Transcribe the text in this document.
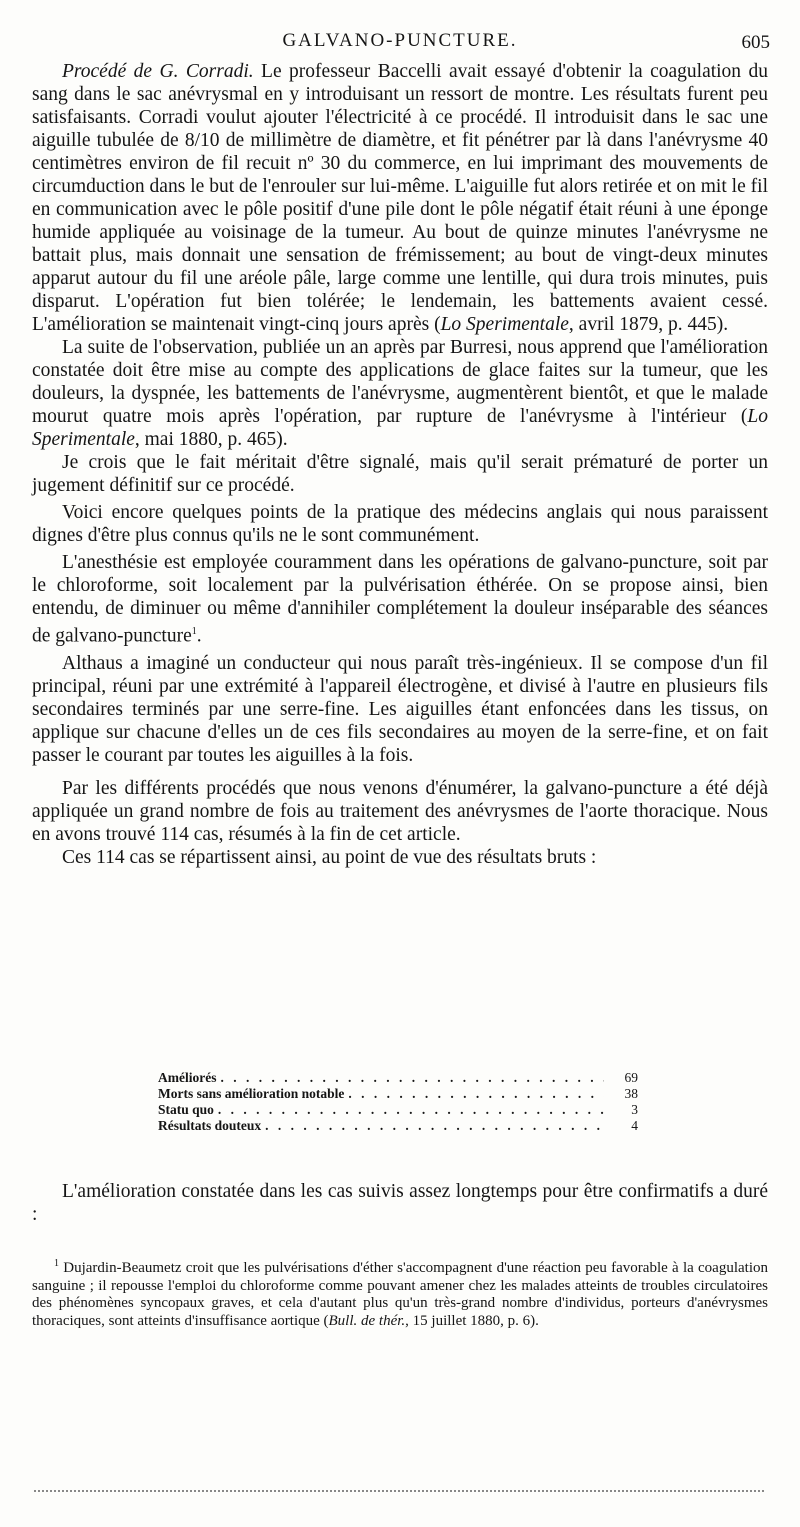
GALVANO-PUNCTURE.	605

Procédé de G. Corradi. Le professeur Baccelli avait essayé d'obtenir la coagulation du sang dans le sac anévrysmal en y introduisant un ressort de montre. Les résultats furent peu satisfaisants. Corradi voulut ajouter l'électricité à ce procédé. Il introduisit dans le sac une aiguille tubulée de 8/10 de millimètre de diamètre, et fit pénétrer par là dans l'anévrysme 40 centimètres environ de fil recuit nº 30 du commerce, en lui imprimant des mouvements de circumduction dans le but de l'enrouler sur lui-même. L'aiguille fut alors retirée et on mit le fil en communication avec le pôle positif d'une pile dont le pôle négatif était réuni à une éponge humide appliquée au voisinage de la tumeur. Au bout de quinze minutes l'anévrysme ne battait plus, mais donnait une sensation de frémissement; au bout de vingt-deux minutes apparut autour du fil une aréole pâle, large comme une lentille, qui dura trois minutes, puis disparut. L'opération fut bien tolérée; le lendemain, les battements avaient cessé. L'amélioration se maintenait vingt-cinq jours après (Lo Sperimentale, avril 1879, p. 445).

La suite de l'observation, publiée un an après par Burresi, nous apprend que l'amélioration constatée doit être mise au compte des applications de glace faites sur la tumeur, que les douleurs, la dyspnée, les battements de l'anévrysme, augmentèrent bientôt, et que le malade mourut quatre mois après l'opération, par rupture de l'anévrysme à l'intérieur (Lo Sperimentale, mai 1880, p. 465).

Je crois que le fait méritait d'être signalé, mais qu'il serait prématuré de porter un jugement définitif sur ce procédé.

Voici encore quelques points de la pratique des médecins anglais qui nous paraissent dignes d'être plus connus qu'ils ne le sont communément.

L'anesthésie est employée couramment dans les opérations de galvano-puncture, soit par le chloroforme, soit localement par la pulvérisation éthérée. On se propose ainsi, bien entendu, de diminuer ou même d'annihiler complétement la douleur inséparable des séances de galvano-puncture$^1$.

Althaus a imaginé un conducteur qui nous paraît très-ingénieux. Il se compose d'un fil principal, réuni par une extrémité à l'appareil électrogène, et divisé à l'autre en plusieurs fils secondaires terminés par une serre-fine. Les aiguilles étant enfoncées dans les tissus, on applique sur chacune d'elles un de ces fils secondaires au moyen de la serre-fine, et on fait passer le courant par toutes les aiguilles à la fois.

Par les différents procédés que nous venons d'énumérer, la galvano-puncture a été déjà appliquée un grand nombre de fois au traitement des anévrysmes de l'aorte thoracique. Nous en avons trouvé 114 cas, résumés à la fin de cet article.

Ces 114 cas se répartissent ainsi, au point de vue des résultats bruts :

Améliorés . . .	69
Morts sans amélioration notable . . .	38
Statu quo . . .	3
Résultats douteux . . .	4

L'amélioration constatée dans les cas suivis assez longtemps pour être confirmatifs a duré :

$^1$ Dujardin-Beaumetz croit que les pulvérisations d'éther s'accompagnent d'une réaction peu favorable à la coagulation sanguine ; il repousse l'emploi du chloroforme comme pouvant amener chez les malades atteints de troubles circulatoires des phénomènes syncopaux graves, et cela d'autant plus qu'un très-grand nombre d'individus, porteurs d'anévrysmes thoraciques, sont atteints d'insuffisance aortique (Bull. de thér., 15 juillet 1880, p. 6).
